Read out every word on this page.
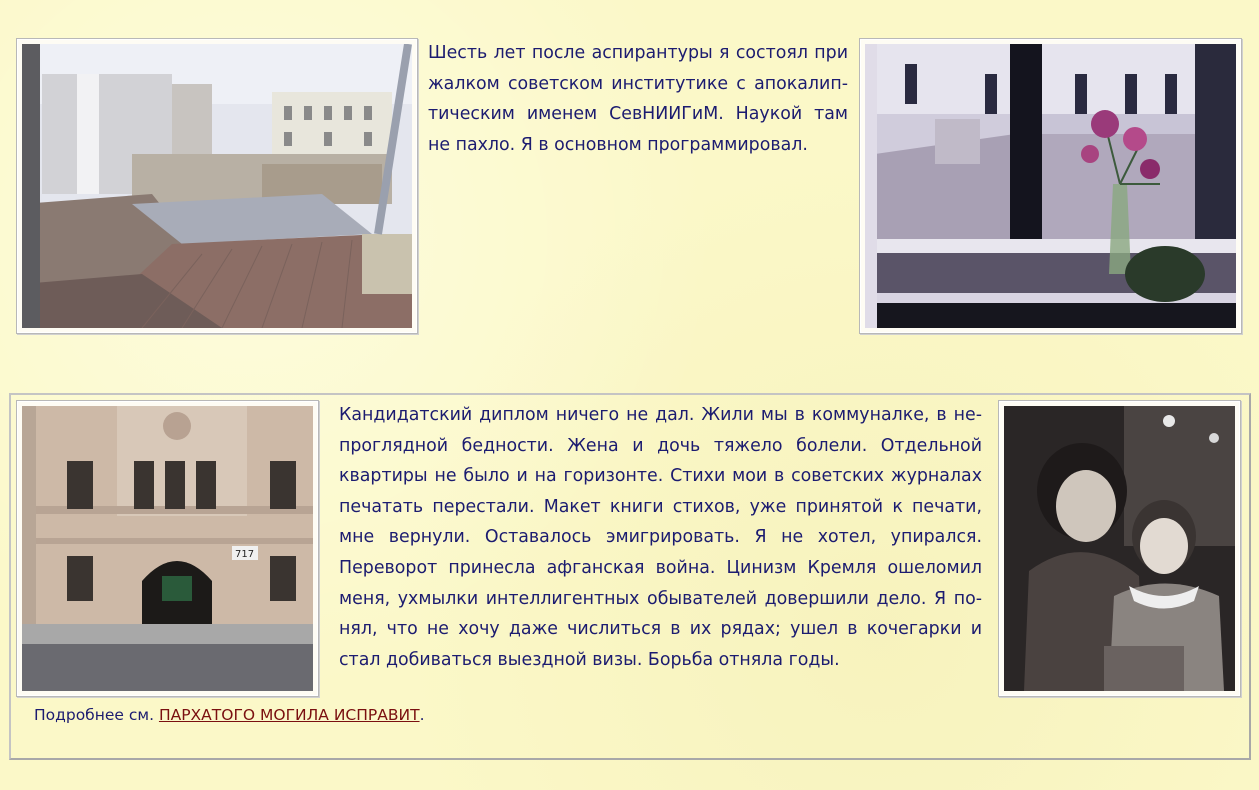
Шесть лет после аспирантуры я состоял при жалком советском институтике с апокалиптическим именем СевНИИГиМ. Наукой там не пахло. Я в основном программировал.

717

Кандидатский диплом ничего не дал. Жили мы в коммуналке, в непроглядной бедности. Жена и дочь тяжело болели. Отдельной квартиры не было и на горизонте. Стихи мои в советских журналах печатать перестали. Макет книги стихов, уже принятой к печати, мне вернули. Оставалось эмигрировать. Я не хотел, упирался. Переворот принесла афганская война. Цинизм Кремля ошеломил меня, ухмылки интеллигентных обывателей довершили дело. Я понял, что не хочу даже числиться в их рядах; ушел в кочегарки и стал добиваться выездной визы. Борьба отняла годы.

Подробнее см. ПАРХАТОГО МОГИЛА ИСПРАВИТ.
